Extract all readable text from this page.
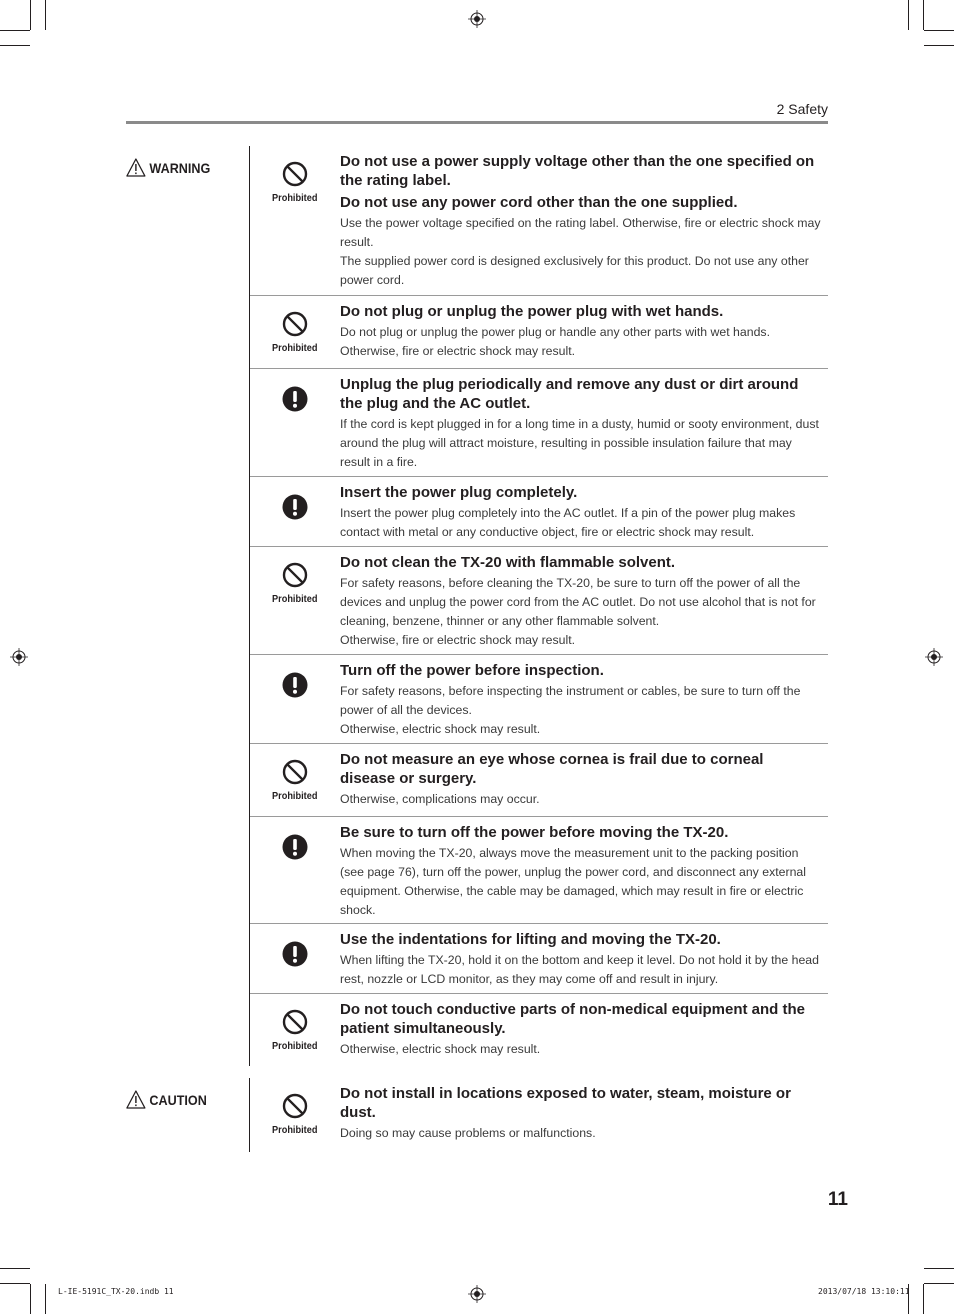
2 Safety
WARNING
Prohibited
Do not use a power supply voltage other than the one specified on the rating label.
Do not use any power cord other than the one supplied.

Use the power voltage specified on the rating label. Otherwise, fire or electric shock may result.

The supplied power cord is designed exclusively for this product. Do not use any other power cord.

Prohibited
Do not plug or unplug the power plug with wet hands.

Do not plug or unplug the power plug or handle any other parts with wet hands. Otherwise, fire or electric shock may result.

Unplug the plug periodically and remove any dust or dirt around the plug and the AC outlet.

If the cord is kept plugged in for a long time in a dusty, humid or sooty environment, dust around the plug will attract moisture, resulting in possible insulation failure that may result in a fire.

Insert the power plug completely.

Insert the power plug completely into the AC outlet. If a pin of the power plug makes contact with metal or any conductive object, fire or electric shock may result.

Prohibited
Do not clean the TX-20 with flammable solvent.

For safety reasons, before cleaning the TX-20, be sure to turn off the power of all the devices and unplug the power cord from the AC outlet. Do not use alcohol that is not for cleaning, benzene, thinner or any other flammable solvent.

Otherwise, fire or electric shock may result.

Turn off the power before inspection.

For safety reasons, before inspecting the instrument or cables, be sure to turn off the power of all the devices.

Otherwise, electric shock may result.

Prohibited
Do not measure an eye whose cornea is frail due to corneal disease or surgery.

Otherwise, complications may occur.

Be sure to turn off the power before moving the TX-20.

When moving the TX-20, always move the measurement unit to the packing position (see page 76), turn off the power, unplug the power cord, and disconnect any external equipment. Otherwise, the cable may be damaged, which may result in fire or electric shock.

Use the indentations for lifting and moving the TX-20.

When lifting the TX-20, hold it on the bottom and keep it level. Do not hold it by the head rest, nozzle or LCD monitor, as they may come off and result in injury.

Prohibited
Do not touch conductive parts of non-medical equipment and the patient simultaneously.

Otherwise, electric shock may result.

CAUTION
Prohibited
Do not install in locations exposed to water, steam, moisture or dust.

Doing so may cause problems or malfunctions.

11
L-IE-5191C_TX-20.indb 11	2013/07/18 13:10:11
